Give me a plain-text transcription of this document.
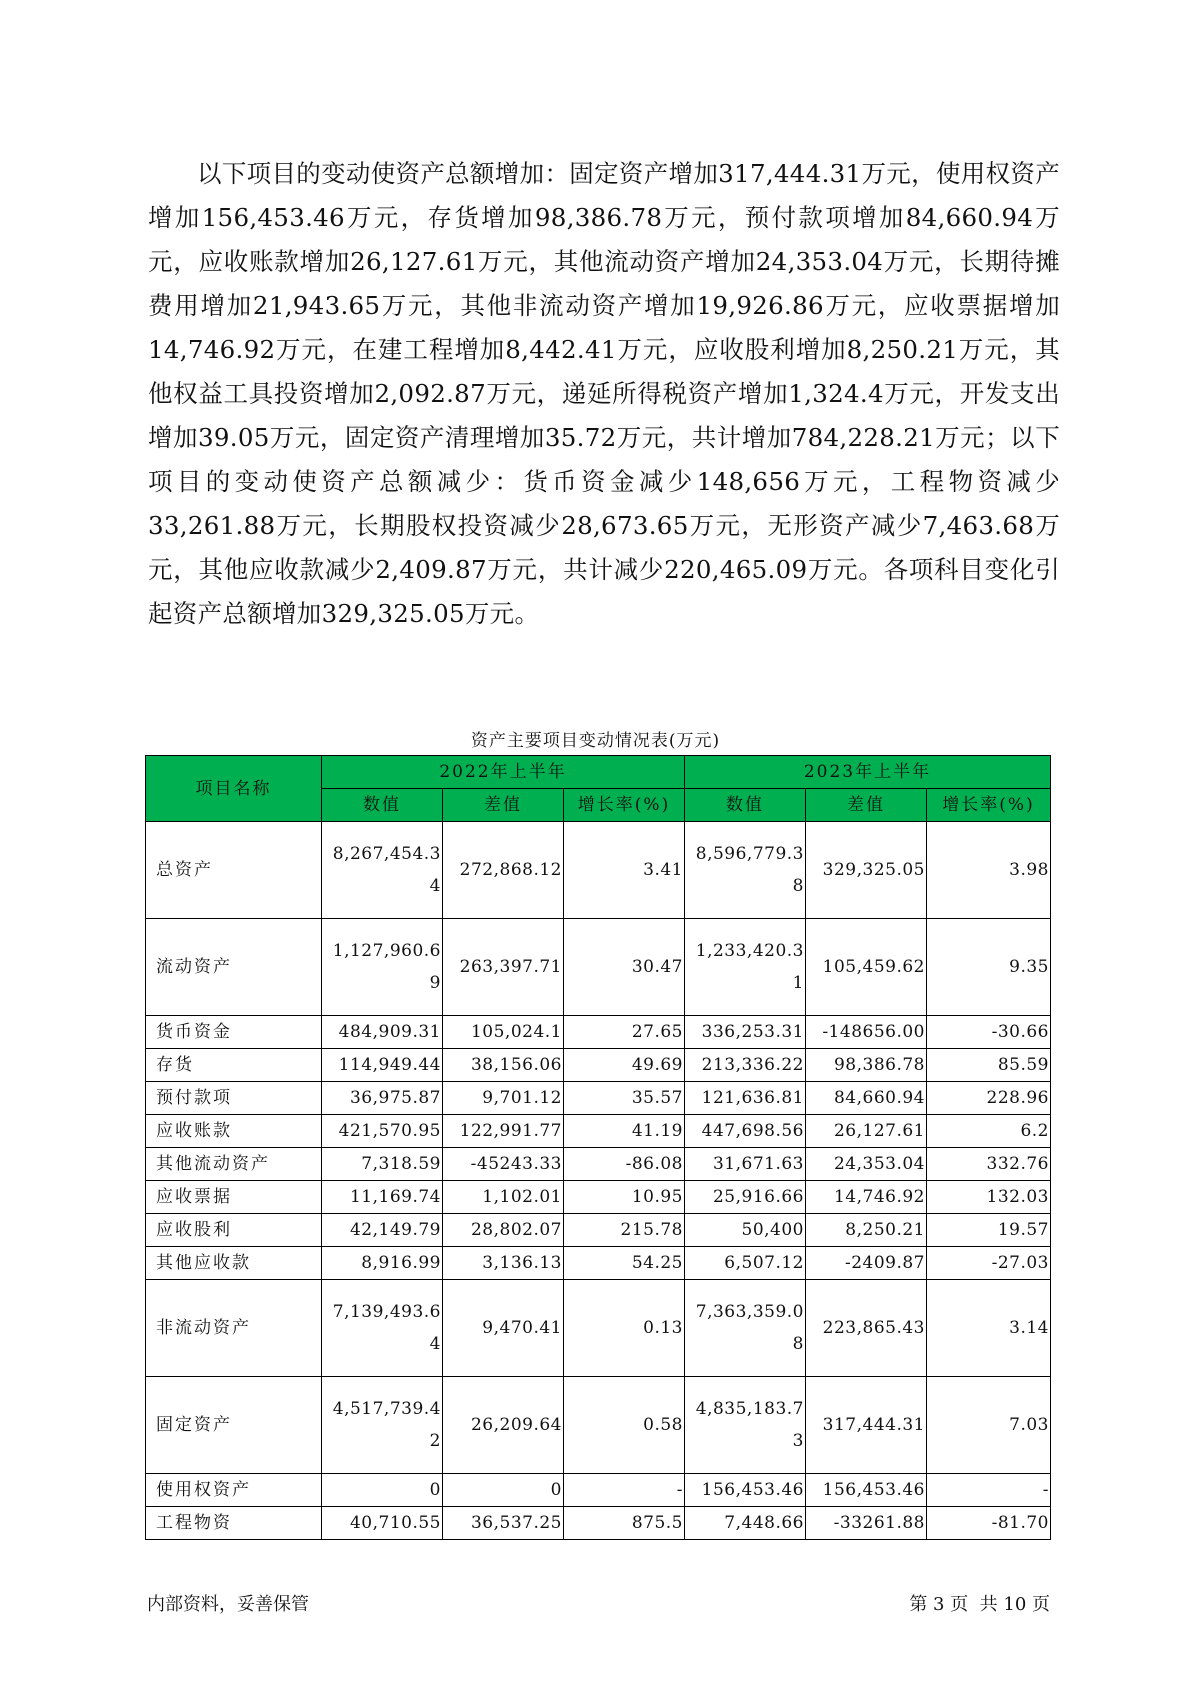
以下项目的变动使资产总额增加：固定资产增加317,444.31万元，使用权资产增加156,453.46万元，存货增加98,386.78万元，预付款项增加84,660.94万元，应收账款增加26,127.61万元，其他流动资产增加24,353.04万元，长期待摊费用增加21,943.65万元，其他非流动资产增加19,926.86万元，应收票据增加14,746.92万元，在建工程增加8,442.41万元，应收股利增加8,250.21万元，其他权益工具投资增加2,092.87万元，递延所得税资产增加1,324.4万元，开发支出增加39.05万元，固定资产清理增加35.72万元，共计增加784,228.21万元；以下项目的变动使资产总额减少：货币资金减少148,656万元，工程物资减少33,261.88万元，长期股权投资减少28,673.65万元，无形资产减少7,463.68万元，其他应收款减少2,409.87万元，共计减少220,465.09万元。各项科目变化引起资产总额增加329,325.05万元。

资产主要项目变动情况表(万元)
项目名称	2022年上半年			2023年上半年		
	数值	差值	增长率(%)	数值	差值	增长率(%)
总资产	8,267,454.34	272,868.12	3.41	8,596,779.38	329,325.05	3.98
流动资产	1,127,960.69	263,397.71	30.47	1,233,420.31	105,459.62	9.35
货币资金	484,909.31	105,024.1	27.65	336,253.31	-148656.00	-30.66
存货	114,949.44	38,156.06	49.69	213,336.22	98,386.78	85.59
预付款项	36,975.87	9,701.12	35.57	121,636.81	84,660.94	228.96
应收账款	421,570.95	122,991.77	41.19	447,698.56	26,127.61	6.2
其他流动资产	7,318.59	-45243.33	-86.08	31,671.63	24,353.04	332.76
应收票据	11,169.74	1,102.01	10.95	25,916.66	14,746.92	132.03
应收股利	42,149.79	28,802.07	215.78	50,400	8,250.21	19.57
其他应收款	8,916.99	3,136.13	54.25	6,507.12	-2409.87	-27.03
非流动资产	7,139,493.64	9,470.41	0.13	7,363,359.08	223,865.43	3.14
固定资产	4,517,739.42	26,209.64	0.58	4,835,183.73	317,444.31	7.03
使用权资产	0	0	-	156,453.46	156,453.46	-
工程物资	40,710.55	36,537.25	875.5	7,448.66	-33261.88	-81.70
内部资料，妥善保管	第 3 页  共 10 页
